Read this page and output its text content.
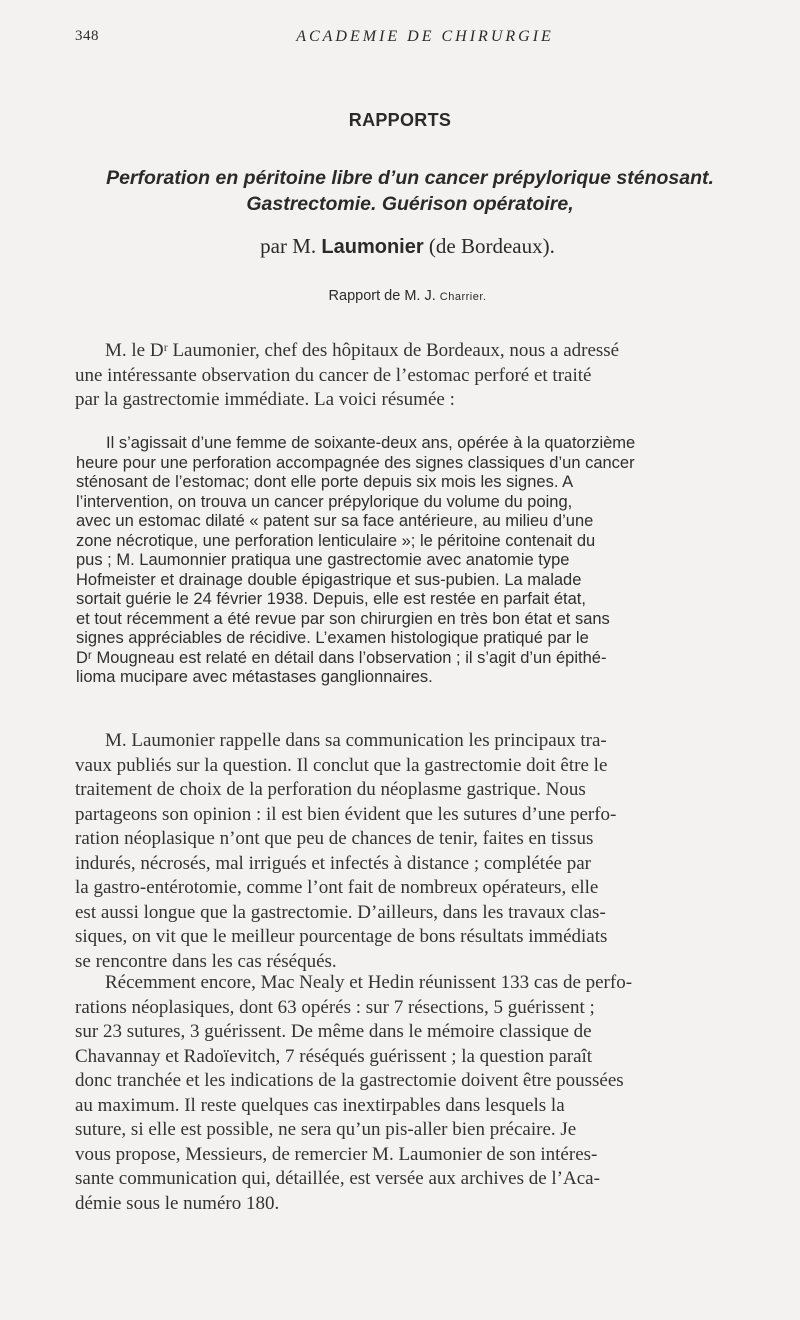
348	ACADEMIE DE CHIRURGIE
RAPPORTS
Perforation en péritoine libre d’un cancer prépylorique sténosant.
Gastrectomie. Guérison opératoire,
par M. Laumonier (de Bordeaux).
Rapport de M. J. Charrier.
M. le Dʳ Laumonier, chef des hôpitaux de Bordeaux, nous a adressé
une intéressante observation du cancer de l’estomac perforé et traité
par la gastrectomie immédiate. La voici résumée :
Il s’agissait d’une femme de soixante-deux ans, opérée à la quatorzième
heure pour une perforation accompagnée des signes classiques d’un cancer
sténosant de l’estomac; dont elle porte depuis six mois les signes. A
l’intervention, on trouva un cancer prépylorique du volume du poing,
avec un estomac dilaté « patent sur sa face antérieure, au milieu d’une
zone nécrotique, une perforation lenticulaire »; le péritoine contenait du
pus ; M. Laumonnier pratiqua une gastrectomie avec anatomie type
Hofmeister et drainage double épigastrique et sus-pubien. La malade
sortait guérie le 24 février 1938. Depuis, elle est restée en parfait état,
et tout récemment a été revue par son chirurgien en très bon état et sans
signes appréciables de récidive. L’examen histologique pratiqué par le
Dʳ Mougneau est relaté en détail dans l’observation ; il s’agit d’un épithé-
lioma mucipare avec métastases ganglionnaires.
M. Laumonier rappelle dans sa communication les principaux tra-
vaux publiés sur la question. Il conclut que la gastrectomie doit être le
traitement de choix de la perforation du néoplasme gastrique. Nous
partageons son opinion : il est bien évident que les sutures d’une perfo-
ration néoplasique n’ont que peu de chances de tenir, faites en tissus
indurés, nécrosés, mal irrigués et infectés à distance ; complétée par
la gastro-entérotomie, comme l’ont fait de nombreux opérateurs, elle
est aussi longue que la gastrectomie. D’ailleurs, dans les travaux clas-
siques, on vit que le meilleur pourcentage de bons résultats immédiats
se rencontre dans les cas réséqués.
Récemment encore, Mac Nealy et Hedin réunissent 133 cas de perfo-
rations néoplasiques, dont 63 opérés : sur 7 résections, 5 guérissent ;
sur 23 sutures, 3 guérissent. De même dans le mémoire classique de
Chavannay et Radoïevitch, 7 réséqués guérissent ; la question paraît
donc tranchée et les indications de la gastrectomie doivent être poussées
au maximum. Il reste quelques cas inextirpables dans lesquels la
suture, si elle est possible, ne sera qu’un pis-aller bien précaire. Je
vous propose, Messieurs, de remercier M. Laumonier de son intéres-
sante communication qui, détaillée, est versée aux archives de l’Aca-
démie sous le numéro 180.
